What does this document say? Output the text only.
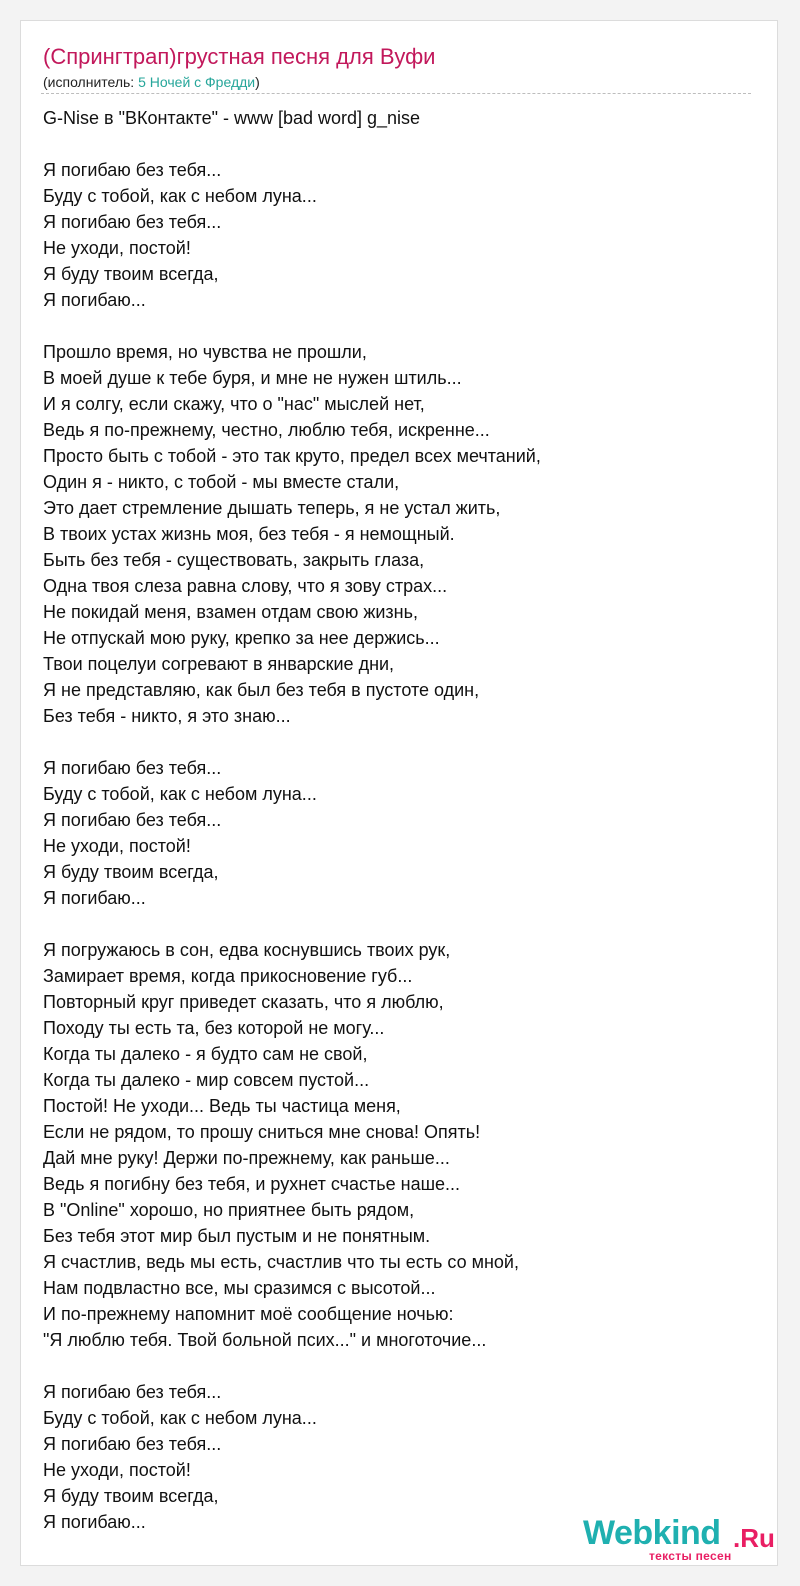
(Спрингтрап)грустная песня для Вуфи
(исполнитель: 5 Ночей с Фредди)
G-Nise в "ВКонтакте" - www [bad word] g_nise
Я погибаю без тебя...
Буду с тобой, как с небом луна...
Я погибаю без тебя...
Не уходи, постой!
Я буду твоим всегда,
Я погибаю...
Прошло время, но чувства не прошли,
В моей душе к тебе буря, и мне не нужен штиль...
И я солгу, если скажу, что о "нас" мыслей нет,
Ведь я по-прежнему, честно, люблю тебя, искренне...
Просто быть с тобой - это так круто, предел всех мечтаний,
Один я - никто, с тобой - мы вместе стали,
Это дает стремление дышать теперь, я не устал жить,
В твоих устах жизнь моя, без тебя - я немощный.
Быть без тебя - существовать, закрыть глаза,
Одна твоя слеза равна слову, что я зову страх...
Не покидай меня, взамен отдам свою жизнь,
Не отпускай мою руку, крепко за нее держись...
Твои поцелуи согревают в январские дни,
Я не представляю, как был без тебя в пустоте один,
Без тебя - никто, я это знаю...
Я погибаю без тебя...
Буду с тобой, как с небом луна...
Я погибаю без тебя...
Не уходи, постой!
Я буду твоим всегда,
Я погибаю...
Я погружаюсь в сон, едва коснувшись твоих рук,
Замирает время, когда прикосновение губ...
Повторный круг приведет сказать, что я люблю,
Походу ты есть та, без которой не могу...
Когда ты далеко - я будто сам не свой,
Когда ты далеко - мир совсем пустой...
Постой! Не уходи... Ведь ты частица меня,
Если не рядом, то прошу сниться мне снова! Опять!
Дай мне руку! Держи по-прежнему, как раньше...
Ведь я погибну без тебя, и рухнет счастье наше...
В "Online" хорошо, но приятнее быть рядом,
Без тебя этот мир был пустым и не понятным.
Я счастлив, ведь мы есть, счастлив что ты есть со мной,
Нам подвластно все, мы сразимся с высотой...
И по-прежнему напомнит моё сообщение ночью:
"Я люблю тебя. Твой больной псих..." и многоточие...
Я погибаю без тебя...
Буду с тобой, как с небом луна...
Я погибаю без тебя...
Не уходи, постой!
Я буду твоим всегда,
Я погибаю...	Webkind .Ru
тексты песен
